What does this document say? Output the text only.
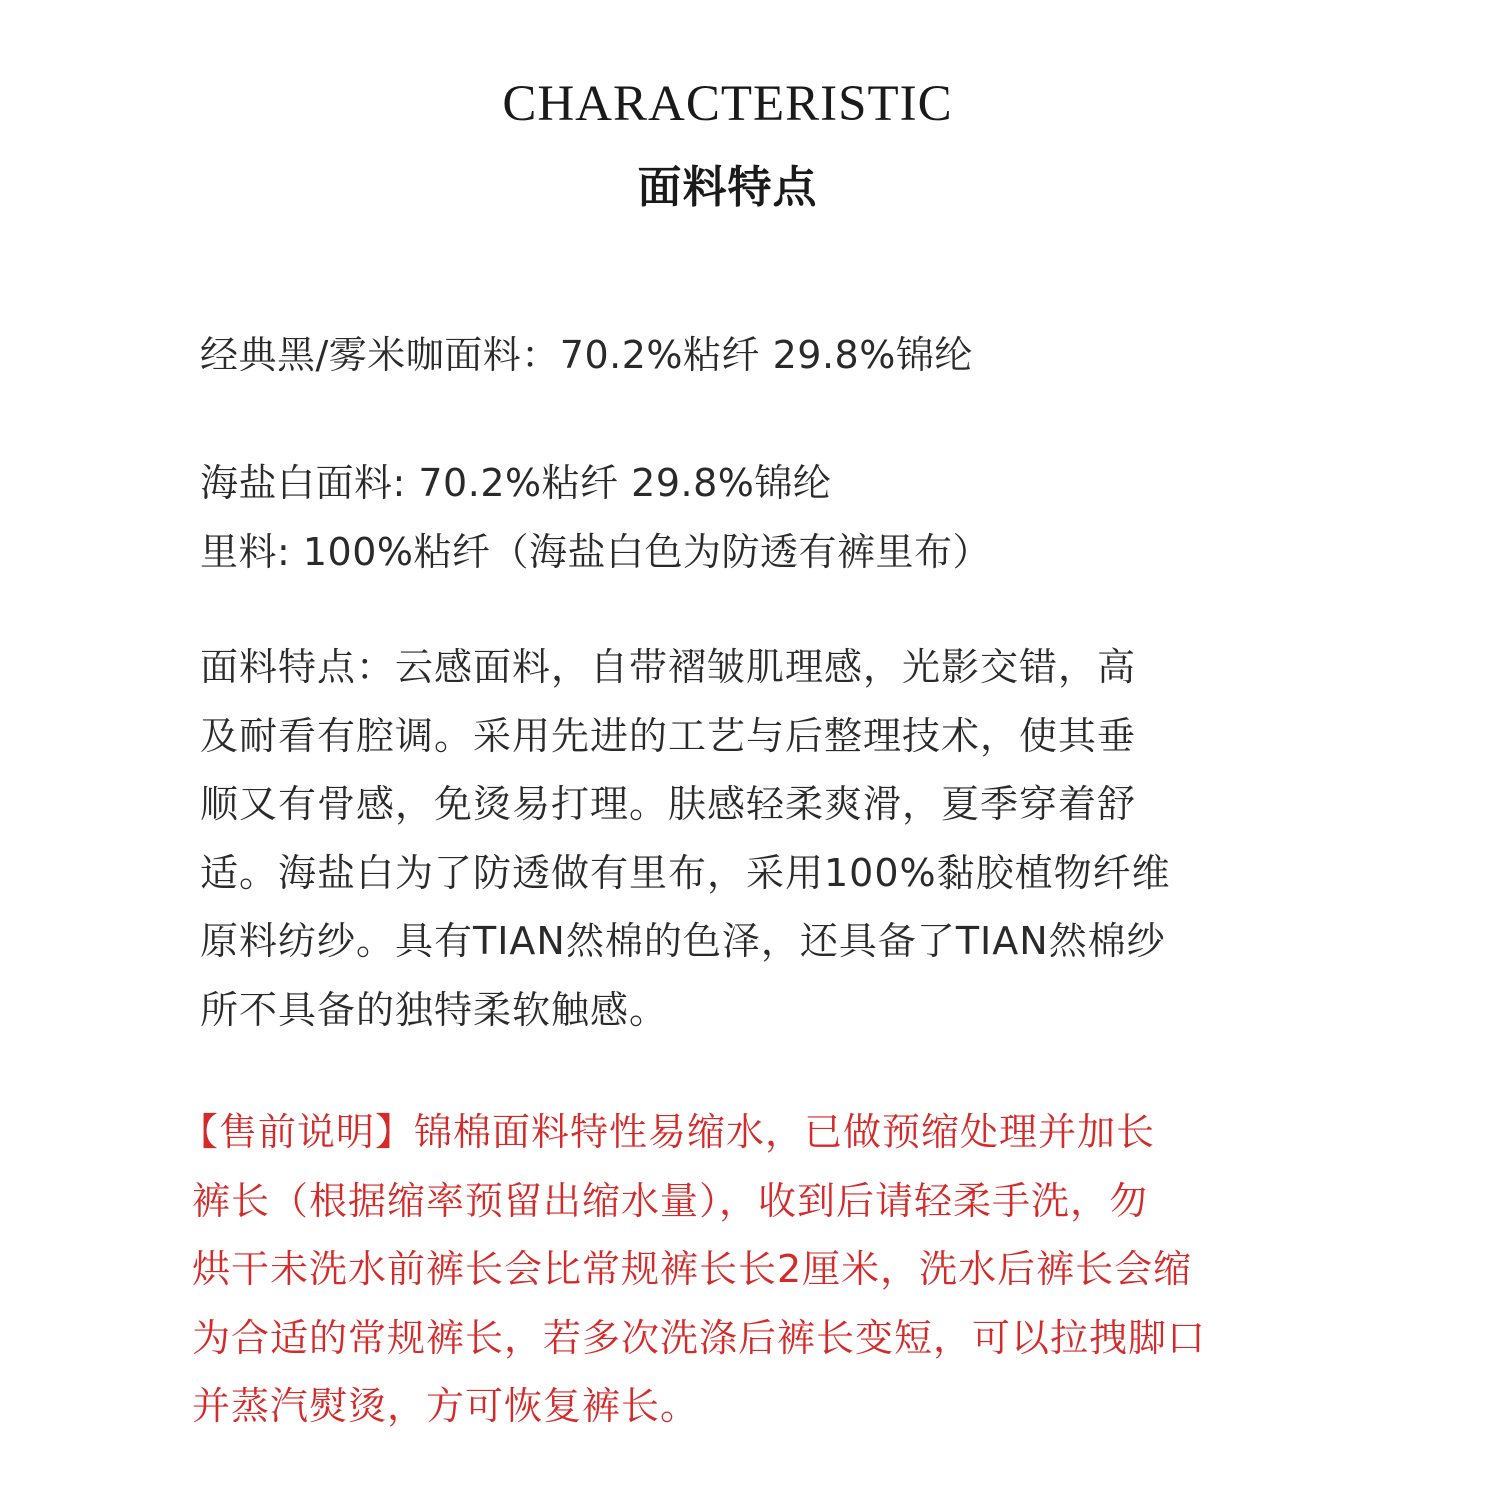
CHARACTERISTIC
面料特点
经典黑/雾米咖面料：70.2%粘纤 29.8%锦纶
海盐白面料: 70.2%粘纤 29.8%锦纶
里料: 100%粘纤（海盐白色为防透有裤里布）
面料特点：云感面料，自带褶皱肌理感，光影交错，高
及耐看有腔调。采用先进的工艺与后整理技术，使其垂
顺又有骨感，免烫易打理。肤感轻柔爽滑，夏季穿着舒
适。海盐白为了防透做有里布，采用100%黏胶植物纤维
原料纺纱。具有TIAN然棉的色泽，还具备了TIAN然棉纱
所不具备的独特柔软触感。
【售前说明】锦棉面料特性易缩水，已做预缩处理并加长
裤长（根据缩率预留出缩水量），收到后请轻柔手洗，勿
烘干未洗水前裤长会比常规裤长长2厘米，洗水后裤长会缩
为合适的常规裤长，若多次洗涤后裤长变短，可以拉拽脚口
并蒸汽熨烫，方可恢复裤长。
